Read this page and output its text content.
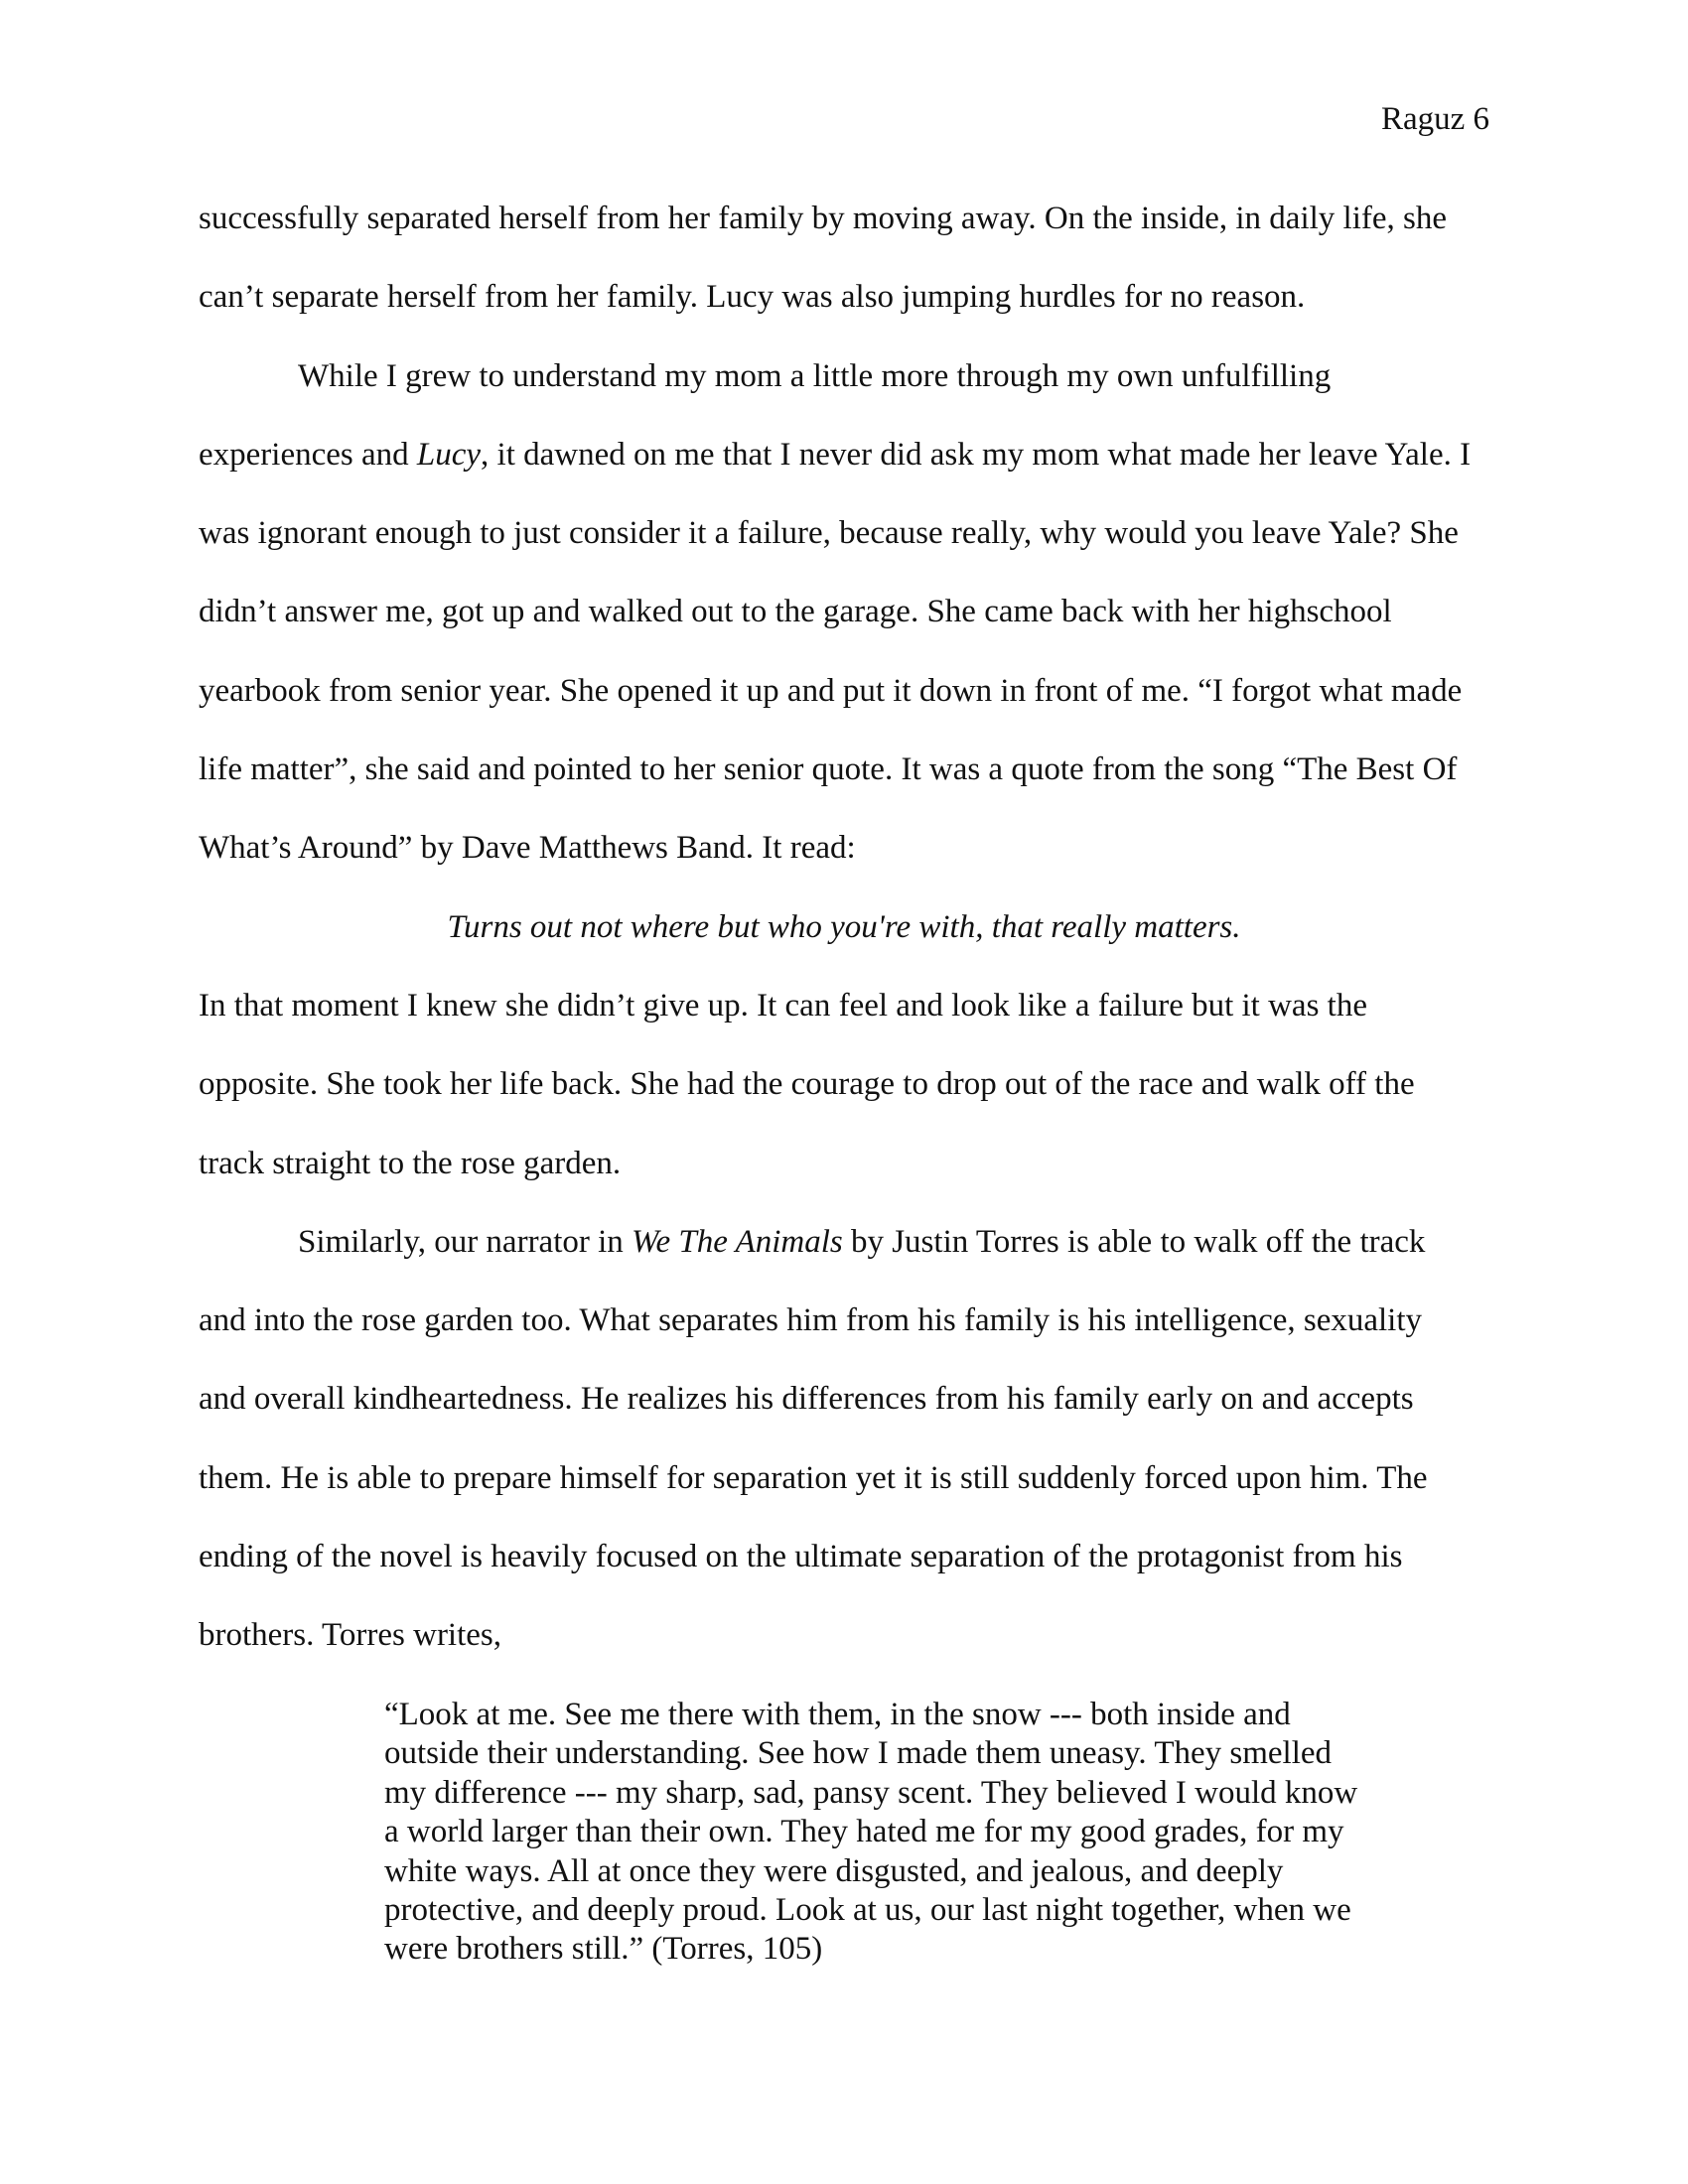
Raguz 6
successfully separated herself from her family by moving away. On the inside, in daily life, she
can’t separate herself from her family. Lucy was also jumping hurdles for no reason.
While I grew to understand my mom a little more through my own unfulfilling
experiences and Lucy, it dawned on me that I never did ask my mom what made her leave Yale. I
was ignorant enough to just consider it a failure, because really, why would you leave Yale? She
didn’t answer me, got up and walked out to the garage. She came back with her highschool
yearbook from senior year. She opened it up and put it down in front of me. “I forgot what made
life matter”, she said and pointed to her senior quote. It was a quote from the song “The Best Of
What’s Around” by Dave Matthews Band. It read:
Turns out not where but who you're with, that really matters.
In that moment I knew she didn’t give up. It can feel and look like a failure but it was the
opposite. She took her life back. She had the courage to drop out of the race and walk off the
track straight to the rose garden.
Similarly, our narrator in We The Animals by Justin Torres is able to walk off the track
and into the rose garden too. What separates him from his family is his intelligence, sexuality
and overall kindheartedness. He realizes his differences from his family early on and accepts
them. He is able to prepare himself for separation yet it is still suddenly forced upon him. The
ending of the novel is heavily focused on the ultimate separation of the protagonist from his
brothers. Torres writes,
“Look at me. See me there with them, in the snow --- both inside and
outside their understanding. See how I made them uneasy. They smelled
my difference --- my sharp, sad, pansy scent. They believed I would know
a world larger than their own. They hated me for my good grades, for my
white ways. All at once they were disgusted, and jealous, and deeply
protective, and deeply proud. Look at us, our last night together, when we
were brothers still.” (Torres, 105)
